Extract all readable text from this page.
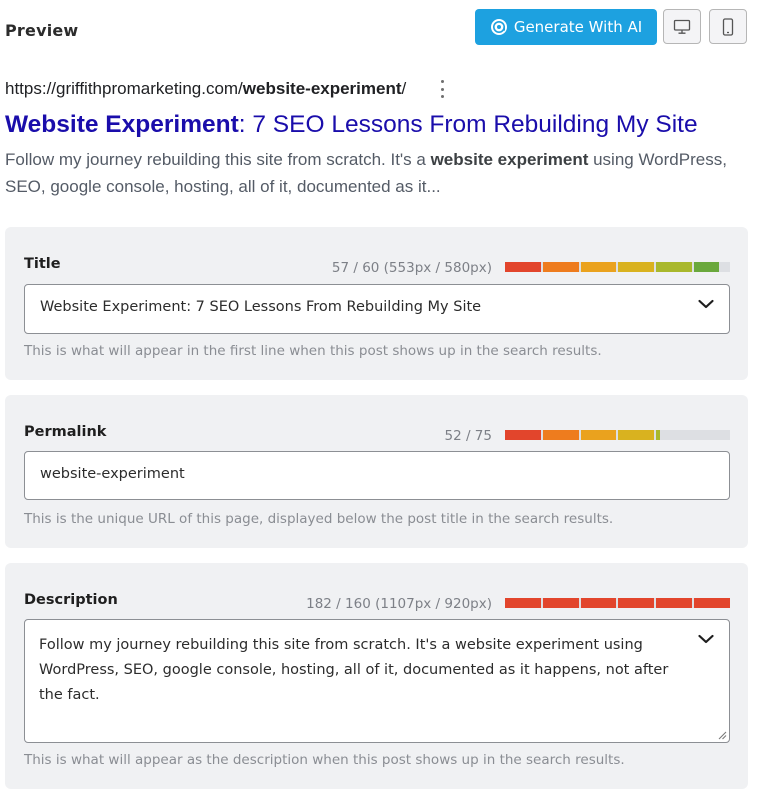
Preview	Generate With AI
https://griffithpromarketing.com/website-experiment/
Website Experiment: 7 SEO Lessons From Rebuilding My Site
Follow my journey rebuilding this site from scratch. It's a website experiment using WordPress, SEO, google console, hosting, all of it, documented as it...
Title	57 / 60 (553px / 580px)
Website Experiment: 7 SEO Lessons From Rebuilding My Site
This is what will appear in the first line when this post shows up in the search results.
Permalink	52 / 75
website-experiment
This is the unique URL of this page, displayed below the post title in the search results.
Description	182 / 160 (1107px / 920px)
Follow my journey rebuilding this site from scratch. It's a website experiment using WordPress, SEO, google console, hosting, all of it, documented as it happens, not after the fact.
This is what will appear as the description when this post shows up in the search results.
